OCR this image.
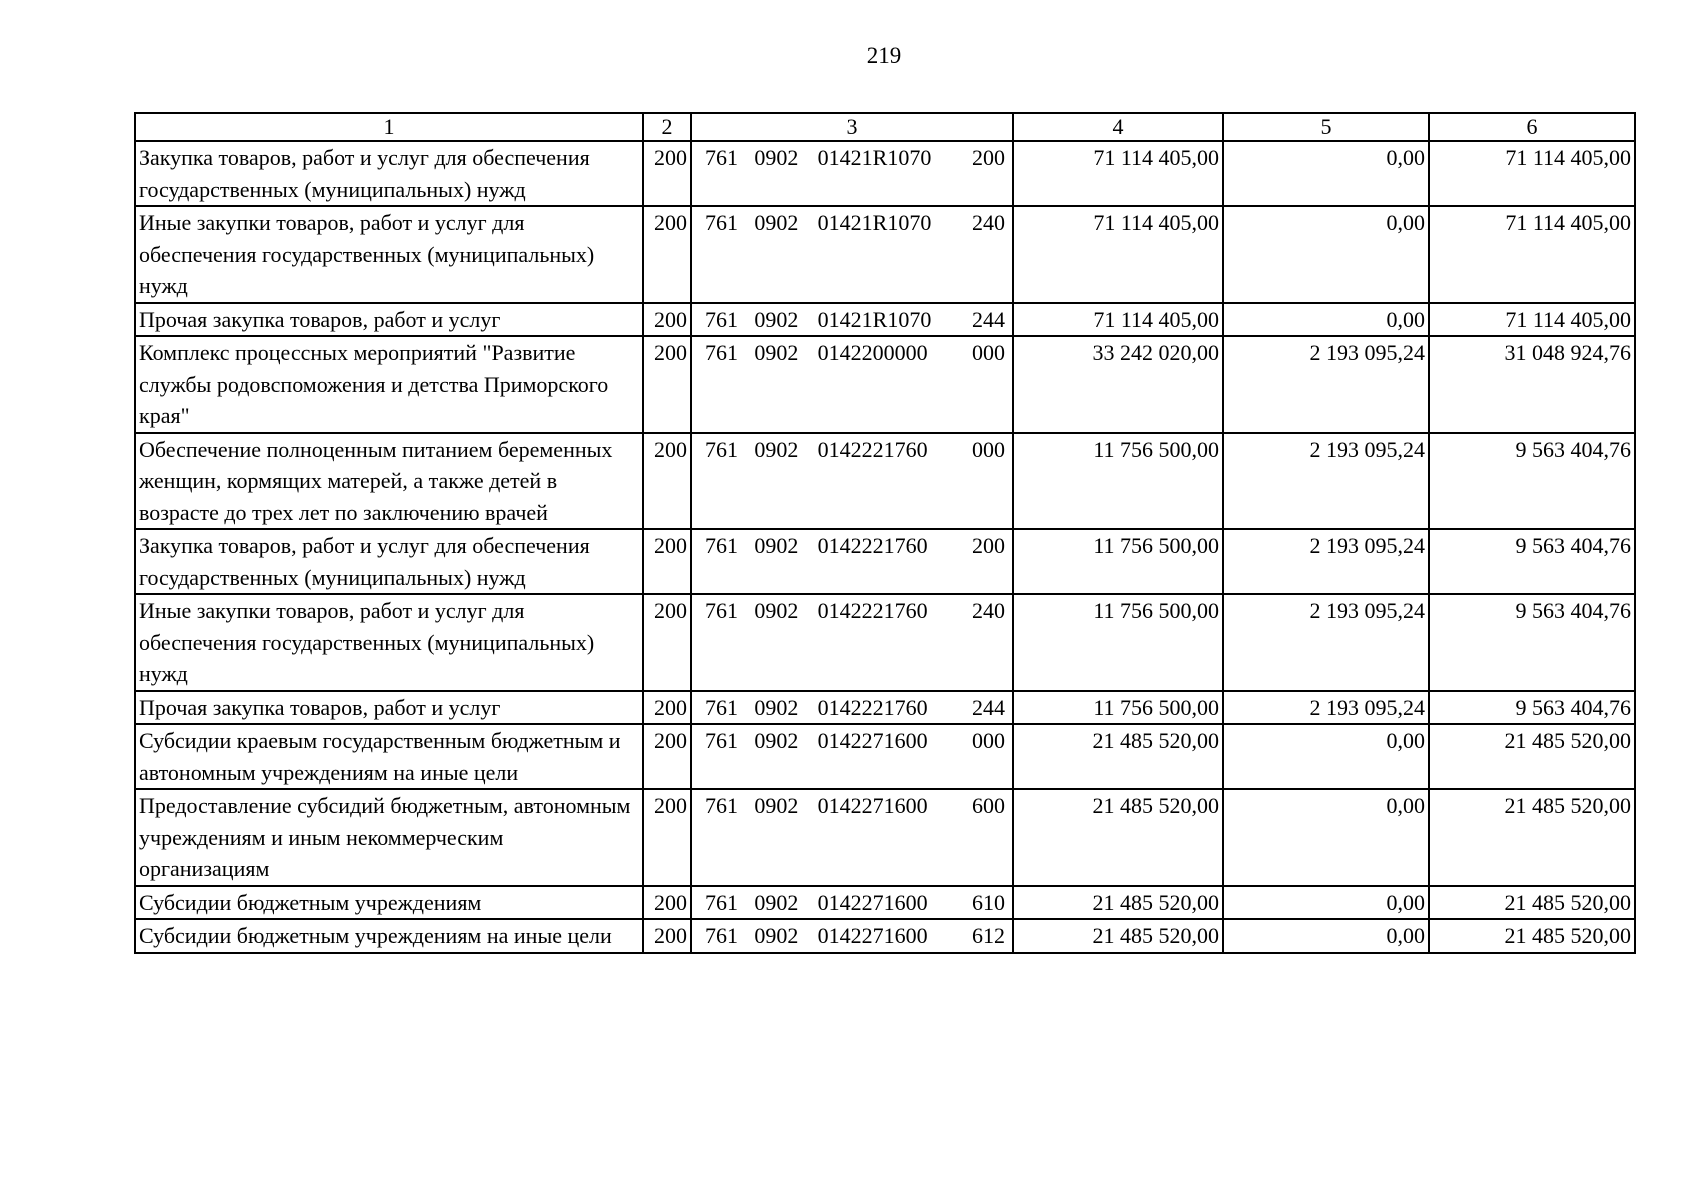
219
1	2	3	4	5	6
Закупка товаров, работ и услуг для обеспечения государственных (муниципальных) нужд	200	761 0902 01421R1070 200	71 114 405,00	0,00	71 114 405,00
Иные закупки товаров, работ и услуг для обеспечения государственных (муниципальных) нужд	200	761 0902 01421R1070 240	71 114 405,00	0,00	71 114 405,00
Прочая закупка товаров, работ и услуг	200	761 0902 01421R1070 244	71 114 405,00	0,00	71 114 405,00
Комплекс процессных мероприятий "Развитие службы родовспоможения и детства Приморского края"	200	761 0902 0142200000 000	33 242 020,00	2 193 095,24	31 048 924,76
Обеспечение полноценным питанием беременных женщин, кормящих матерей, а также детей в возрасте до трех лет по заключению врачей	200	761 0902 0142221760 000	11 756 500,00	2 193 095,24	9 563 404,76
Закупка товаров, работ и услуг для обеспечения государственных (муниципальных) нужд	200	761 0902 0142221760 200	11 756 500,00	2 193 095,24	9 563 404,76
Иные закупки товаров, работ и услуг для обеспечения государственных (муниципальных) нужд	200	761 0902 0142221760 240	11 756 500,00	2 193 095,24	9 563 404,76
Прочая закупка товаров, работ и услуг	200	761 0902 0142221760 244	11 756 500,00	2 193 095,24	9 563 404,76
Субсидии краевым государственным бюджетным и автономным учреждениям на иные цели	200	761 0902 0142271600 000	21 485 520,00	0,00	21 485 520,00
Предоставление субсидий бюджетным, автономным учреждениям и иным некоммерческим организациям	200	761 0902 0142271600 600	21 485 520,00	0,00	21 485 520,00
Субсидии бюджетным учреждениям	200	761 0902 0142271600 610	21 485 520,00	0,00	21 485 520,00
Субсидии бюджетным учреждениям на иные цели	200	761 0902 0142271600 612	21 485 520,00	0,00	21 485 520,00
